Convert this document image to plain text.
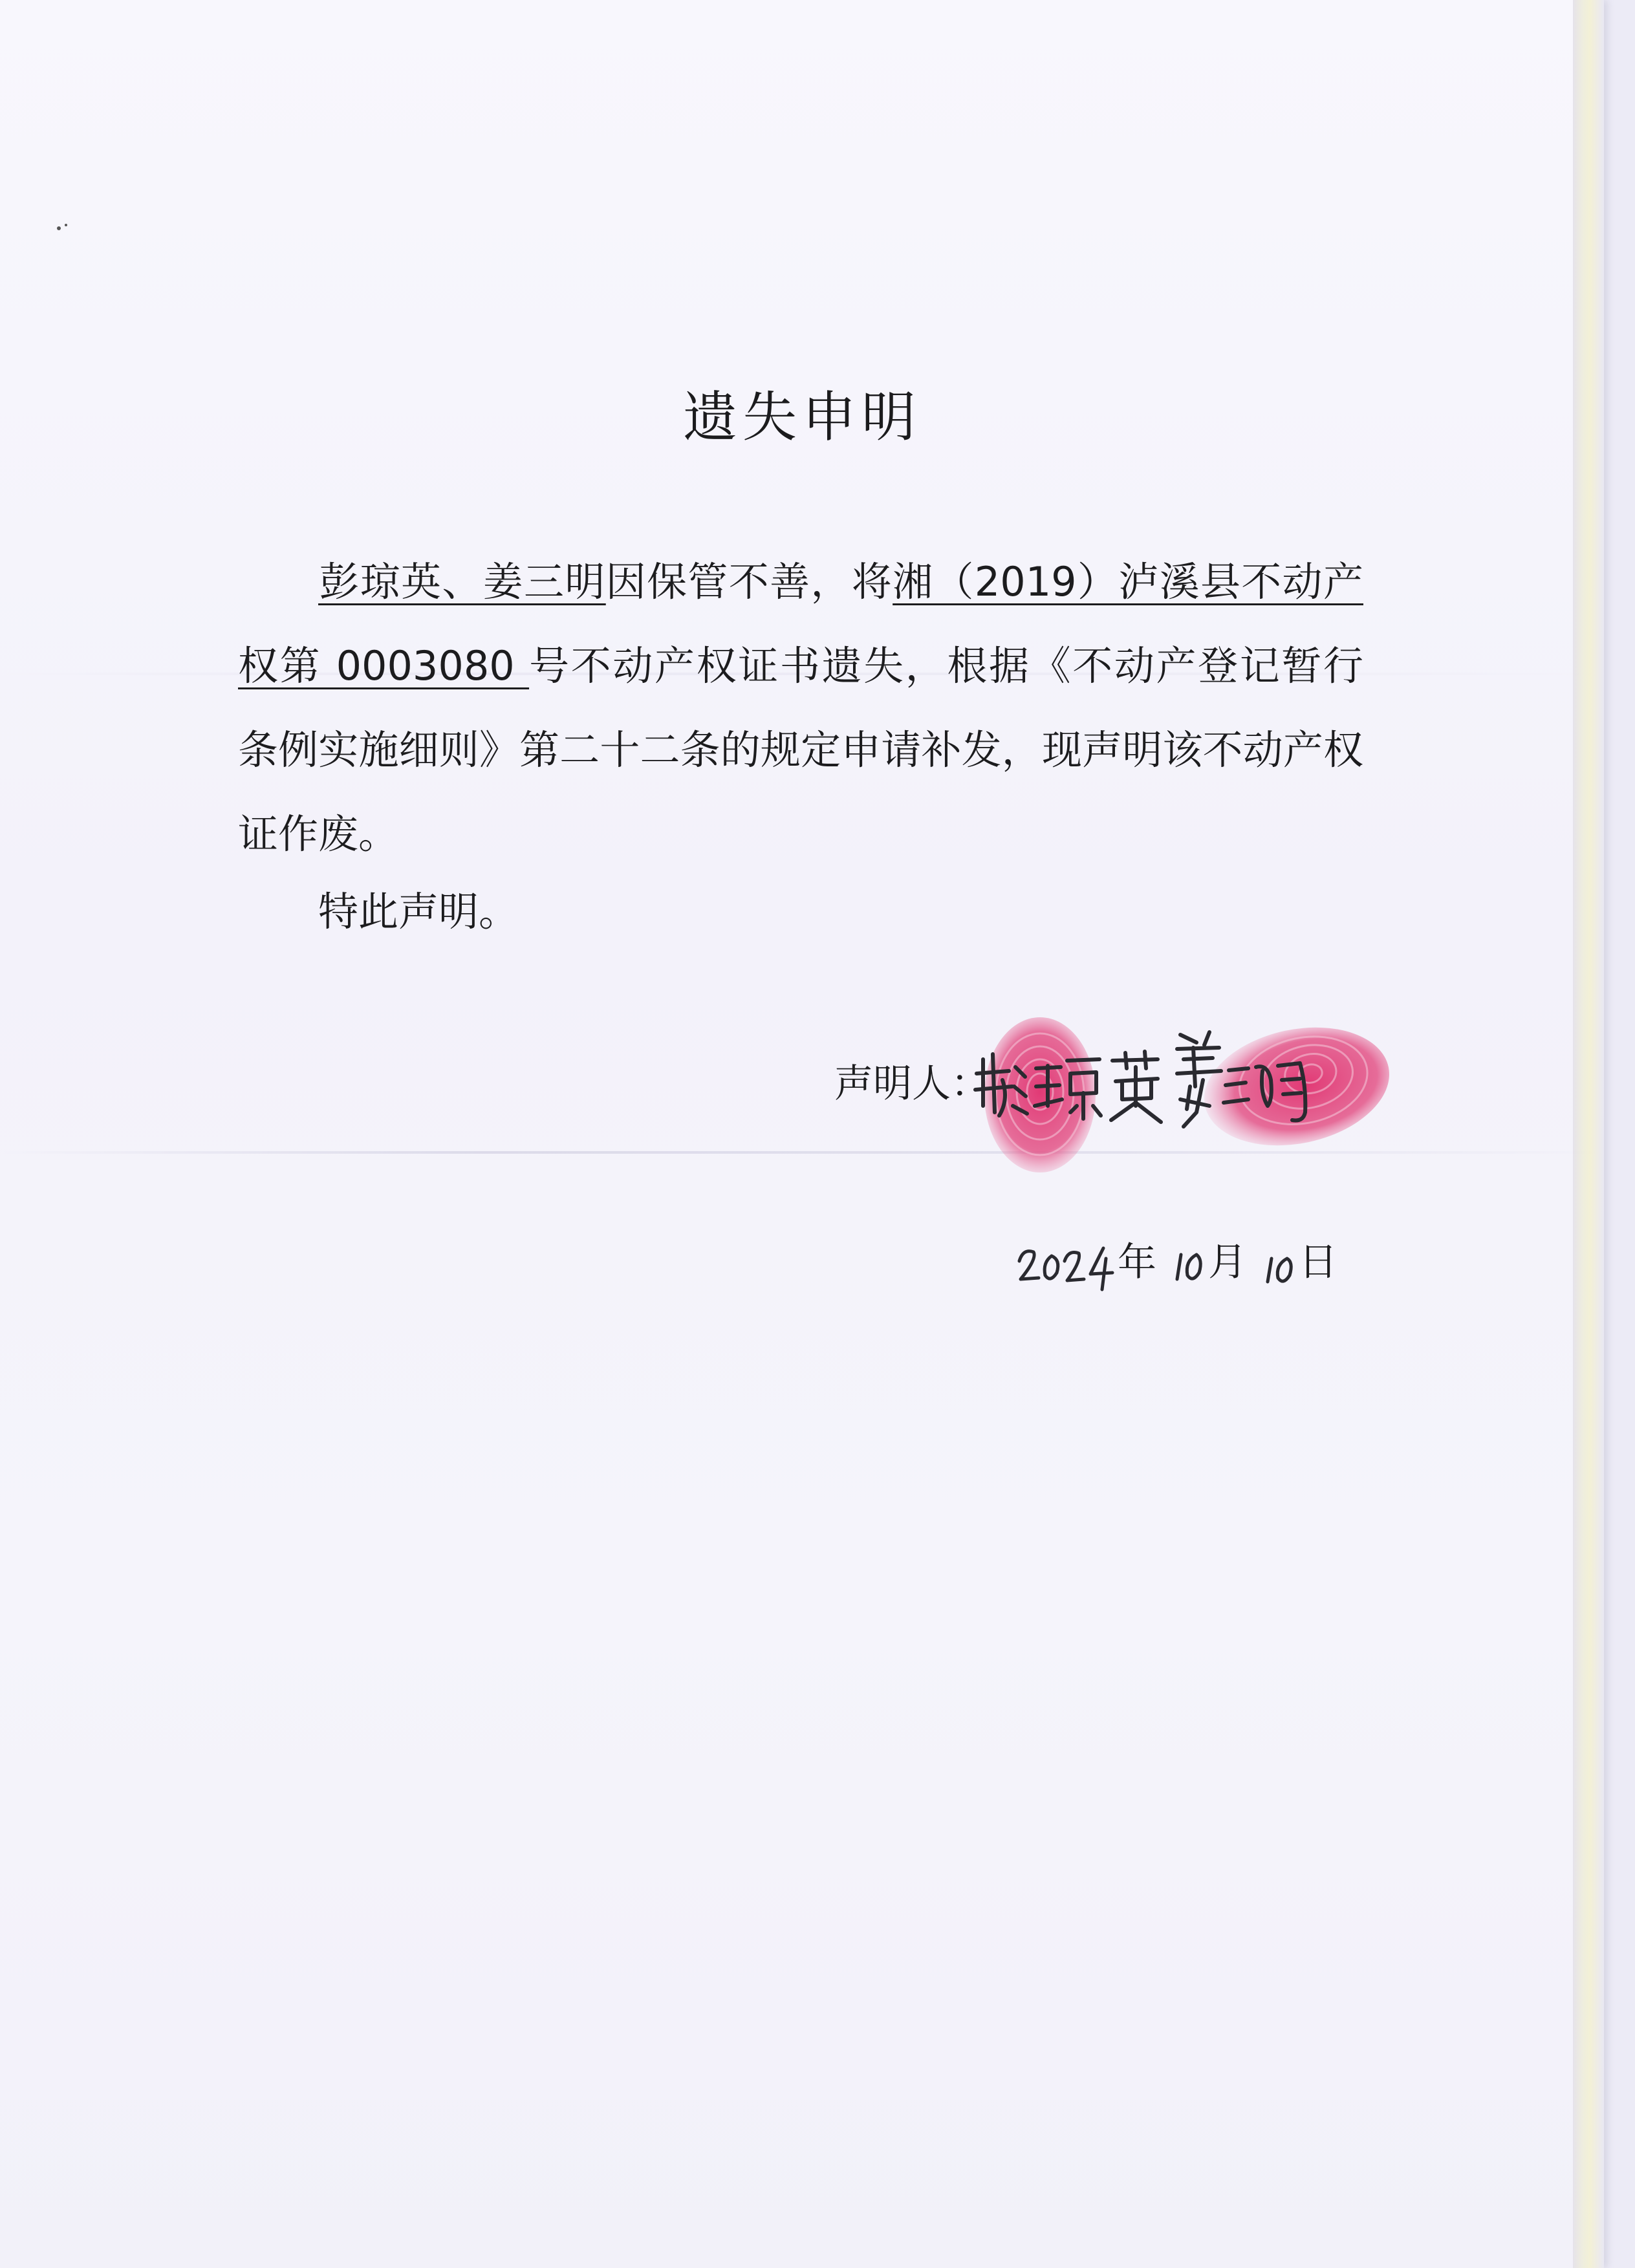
遗失申明

彭琼英、姜三明因保管不善，将湘（2019）泸溪县不动产权第 0003080 号不动产权证书遗失，根据《不动产登记暂行条例实施细则》第二十二条的规定申请补发，现声明该不动产权证作废。

特此声明。

声明人：
年 月 日
